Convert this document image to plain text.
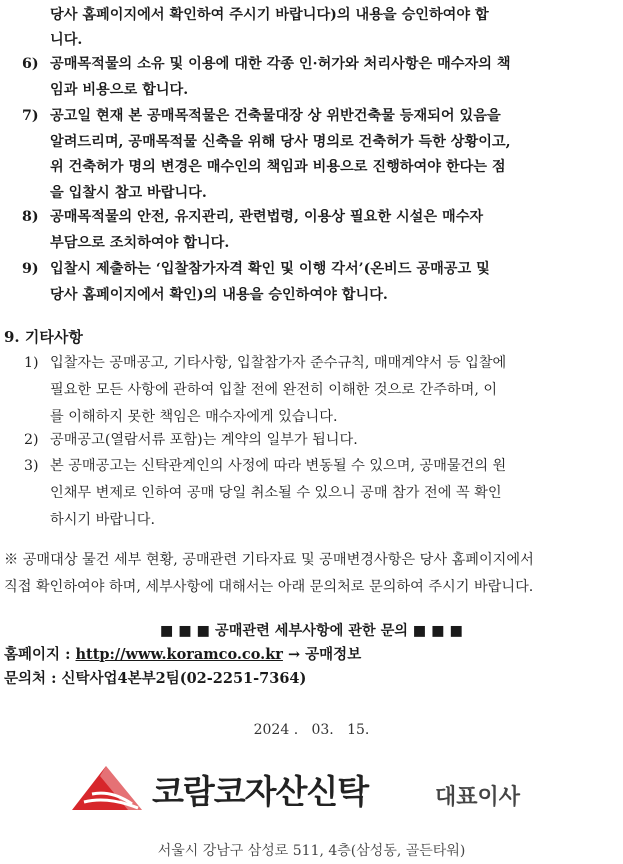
당사 홈페이지에서 확인하여 주시기 바랍니다)의 내용을 승인하여야 합
니다.
6) 공매목적물의 소유 및 이용에 대한 각종 인·허가와 처리사항은 매수자의 책
임과 비용으로 합니다.
7) 공고일 현재 본 공매목적물은 건축물대장 상 위반건축물 등재되어 있음을
알려드리며, 공매목적물 신축을 위해 당사 명의로 건축허가 득한 상황이고,
위 건축허가 명의 변경은 매수인의 책임과 비용으로 진행하여야 한다는 점
을 입찰시 참고 바랍니다.
8) 공매목적물의 안전, 유지관리, 관련법령, 이용상 필요한 시설은 매수자
부담으로 조치하여야 합니다.
9) 입찰시 제출하는 ‘입찰참가자격 확인 및 이행 각서’(온비드 공매공고 및
당사 홈페이지에서 확인)의 내용을 승인하여야 합니다.
9. 기타사항
1) 입찰자는 공매공고, 기타사항, 입찰참가자 준수규칙, 매매계약서 등 입찰에
필요한 모든 사항에 관하여 입찰 전에 완전히 이해한 것으로 간주하며, 이
를 이해하지 못한 책임은 매수자에게 있습니다.
2) 공매공고(열람서류 포함)는 계약의 일부가 됩니다.
3) 본 공매공고는 신탁관계인의 사정에 따라 변동될 수 있으며, 공매물건의 원
인채무 변제로 인하여 공매 당일 취소될 수 있으니 공매 참가 전에 꼭 확인
하시기 바랍니다.
※ 공매대상 물건 세부 현황, 공매관련 기타자료 및 공매변경사항은 당사 홈페이지에서
직접 확인하여야 하며, 세부사항에 대해서는 아래 문의처로 문의하여 주시기 바랍니다.
■ ■ ■ 공매관련 세부사항에 관한 문의 ■ ■ ■
홈페이지 : http://www.koramco.co.kr → 공매정보
문의처 : 신탁사업4본부2팀(02-2251-7364)
2024 .   03.   15.
코람코자산신탁	대표이사
서울시 강남구 삼성로 511, 4층(삼성동, 골든타워)
